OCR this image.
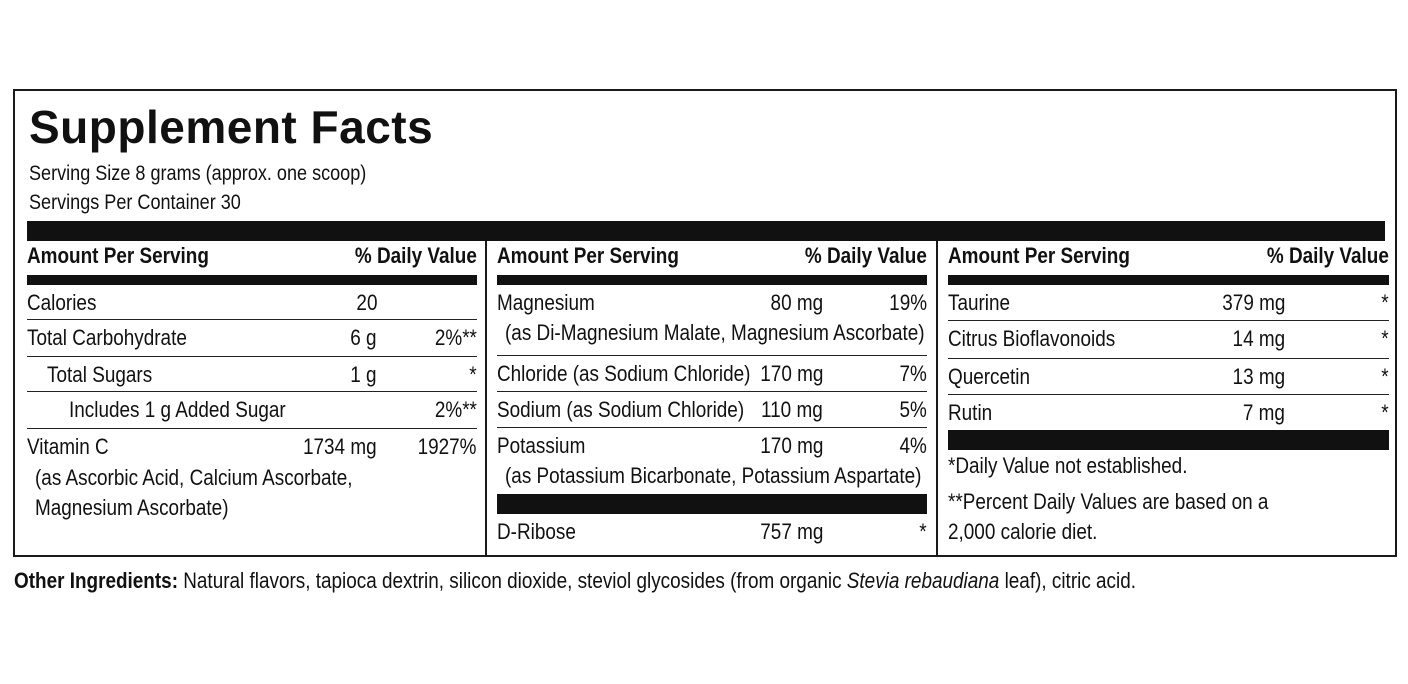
Supplement Facts
Serving Size 8 grams (approx. one scoop)
Servings Per Container 30
Amount Per Serving	% Daily Value
Calories	20
Total Carbohydrate	6 g	2%**
Total Sugars	1 g	*
Includes 1 g Added Sugar	2%**
Vitamin C	1734 mg 1927%
(as Ascorbic Acid, Calcium Ascorbate,
Magnesium Ascorbate)
Amount Per Serving	% Daily Value
Magnesium	80 mg	19%
(as Di-Magnesium Malate, Magnesium Ascorbate)
Chloride (as Sodium Chloride) 170 mg	7%
Sodium (as Sodium Chloride) 110 mg	5%
Potassium	170 mg	4%
(as Potassium Bicarbonate, Potassium Aspartate)
D-Ribose	757 mg	*
Amount Per Serving	% Daily Value
Taurine	379 mg	*
Citrus Bioflavonoids	14 mg	*
Quercetin	13 mg	*
Rutin	7 mg	*
*Daily Value not established.
**Percent Daily Values are based on a
2,000 calorie diet.
Other Ingredients: Natural flavors, tapioca dextrin, silicon dioxide, steviol glycosides (from organic Stevia rebaudiana leaf), citric acid.
